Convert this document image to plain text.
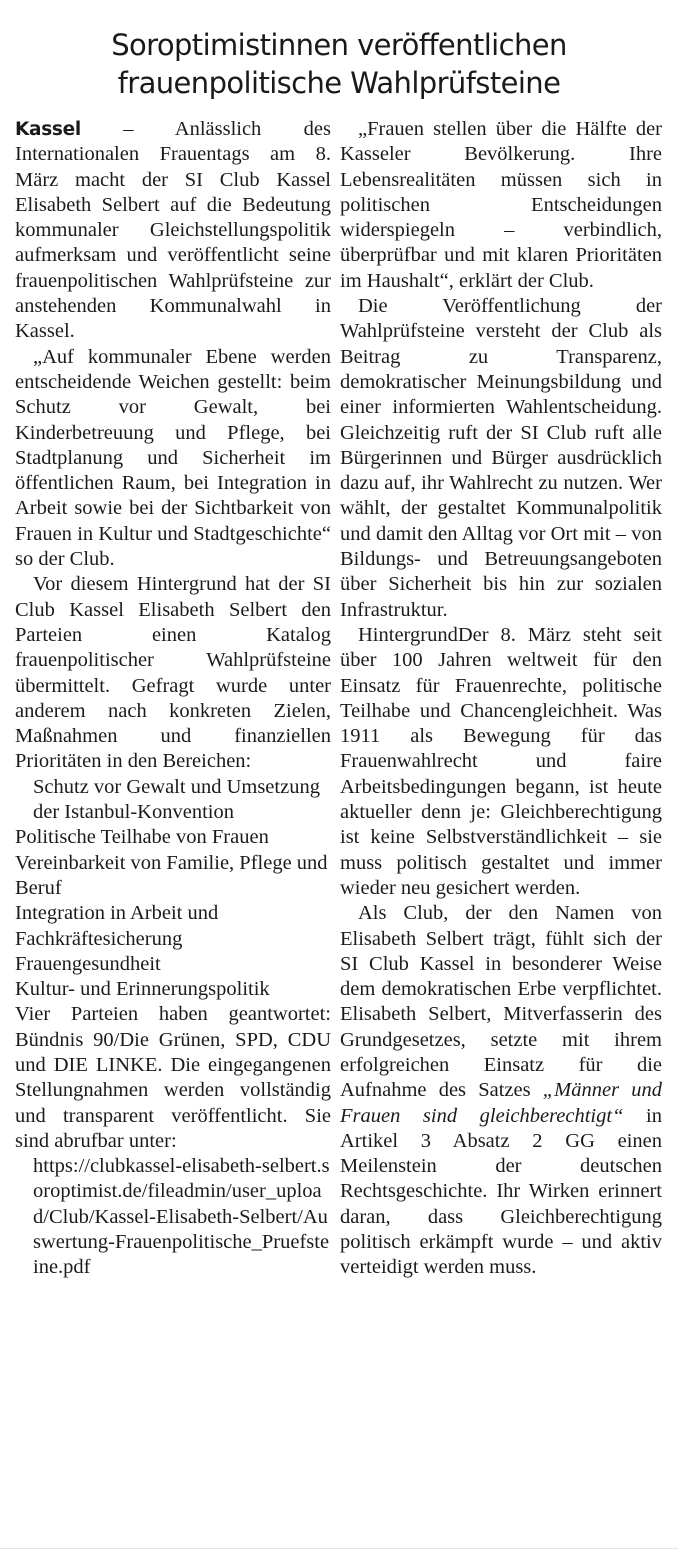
Soroptimistinnen veröffentlichen
frauenpolitische Wahlprüfsteine

Kassel – Anlässlich des Internationalen Frauentags am 8. März macht der SI Club Kassel Elisabeth Selbert auf die Bedeutung kommunaler Gleichstellungspolitik aufmerksam und veröffentlicht seine frauenpolitischen Wahlprüfsteine zur anstehenden Kommunalwahl in Kassel.

„Auf kommunaler Ebene werden entscheidende Weichen gestellt: beim Schutz vor Gewalt, bei Kinderbetreuung und Pflege, bei Stadtplanung und Sicherheit im öffentlichen Raum, bei Integration in Arbeit sowie bei der Sichtbarkeit von Frauen in Kultur und Stadtgeschichte“ so der Club.

Vor diesem Hintergrund hat der SI Club Kassel Elisabeth Selbert den Parteien einen Katalog frauenpolitischer Wahlprüfsteine übermittelt. Gefragt wurde unter anderem nach konkreten Zielen, Maßnahmen und finanziellen Prioritäten in den Bereichen:

Schutz vor Gewalt und Umsetzung der Istanbul-Konvention

Politische Teilhabe von Frauen

Vereinbarkeit von Familie, Pflege und Beruf

Integration in Arbeit und Fachkräftesicherung

Frauengesundheit

Kultur- und Erinnerungspolitik

Vier Parteien haben geantwortet: Bündnis 90/Die Grünen, SPD, CDU und DIE LINKE. Die eingegangenen Stellungnahmen werden vollständig und transparent veröffentlicht. Sie sind abrufbar unter:

https://clubkassel-elisabeth-selbert.soroptimist.de/fileadmin/user_upload/Club/Kassel-Elisabeth-Selbert/Auswertung-Frauenpolitische_Pruefsteine.pdf

„Frauen stellen über die Hälfte der Kasseler Bevölkerung. Ihre Lebensrealitäten müssen sich in politischen Entscheidungen widerspiegeln – verbindlich, überprüfbar und mit klaren Prioritäten im Haushalt“, erklärt der Club.

Die Veröffentlichung der Wahlprüfsteine versteht der Club als Beitrag zu Transparenz, demokratischer Meinungsbildung und einer informierten Wahlentscheidung. Gleichzeitig ruft der SI Club ruft alle Bürgerinnen und Bürger ausdrücklich dazu auf, ihr Wahlrecht zu nutzen. Wer wählt, der gestaltet Kommunalpolitik und damit den Alltag vor Ort mit – von Bildungs- und Betreuungsangeboten über Sicherheit bis hin zur sozialen Infrastruktur.

HintergrundDer 8. März steht seit über 100 Jahren weltweit für den Einsatz für Frauenrechte, politische Teilhabe und Chancengleichheit. Was 1911 als Bewegung für das Frauenwahlrecht und faire Arbeitsbedingungen begann, ist heute aktueller denn je: Gleichberechtigung ist keine Selbstverständlichkeit – sie muss politisch gestaltet und immer wieder neu gesichert werden.

Als Club, der den Namen von Elisabeth Selbert trägt, fühlt sich der SI Club Kassel in besonderer Weise dem demokratischen Erbe verpflichtet. Elisabeth Selbert, Mitverfasserin des Grundgesetzes, setzte mit ihrem erfolgreichen Einsatz für die Aufnahme des Satzes „Männer und Frauen sind gleichberechtigt“ in Artikel 3 Absatz 2 GG einen Meilenstein der deutschen Rechtsgeschichte. Ihr Wirken erinnert daran, dass Gleichberechtigung politisch erkämpft wurde – und aktiv verteidigt werden muss.
